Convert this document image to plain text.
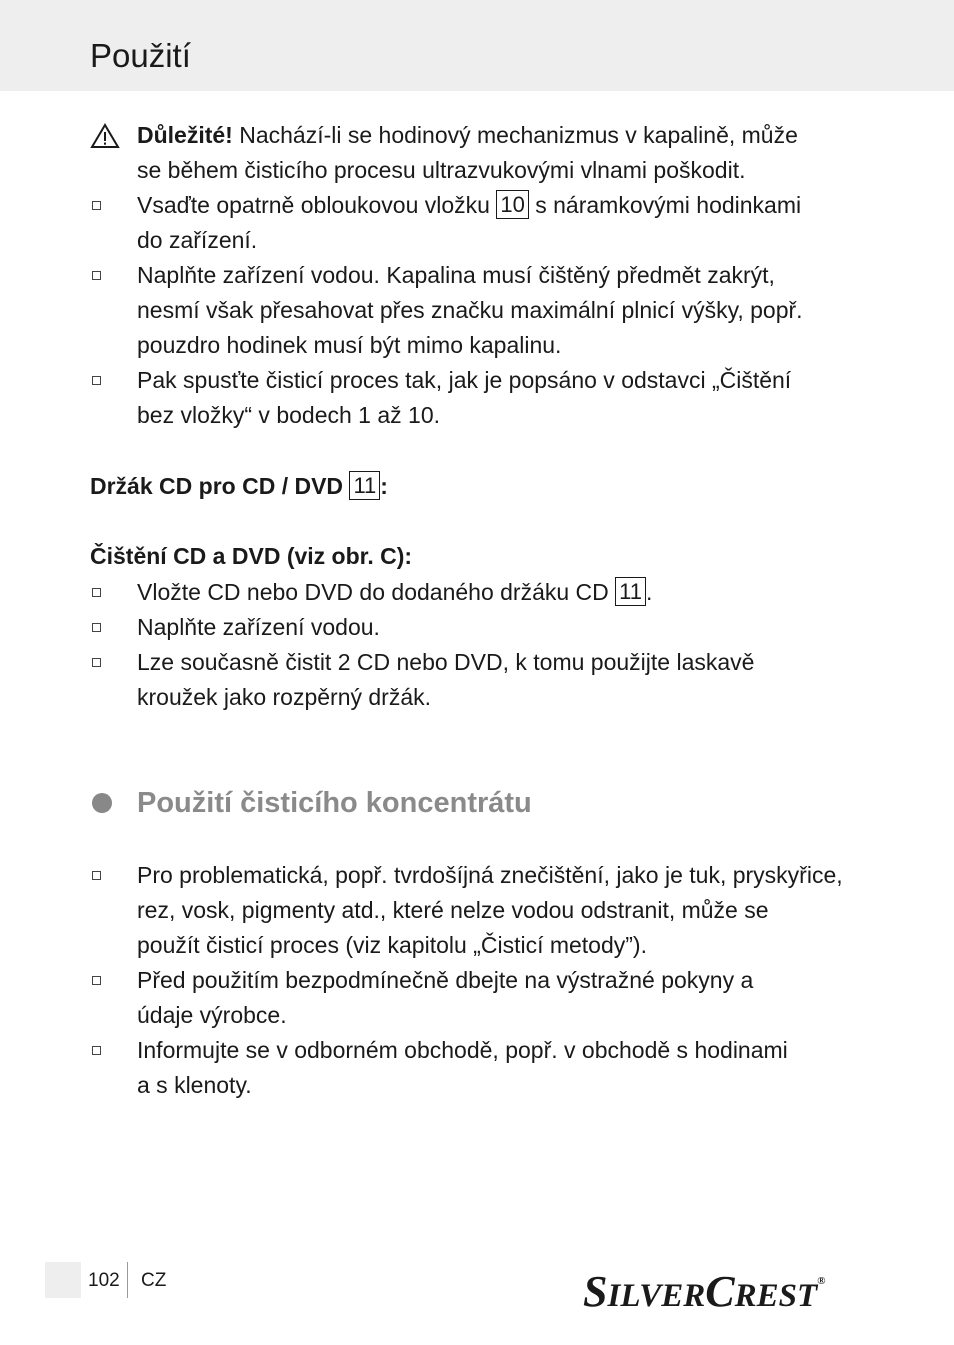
Použití
Důležité! Nachází-li se hodinový mechanizmus v kapalině, může
se během čisticího procesu ultrazvukovými vlnami poškodit.
Vsaďte opatrně obloukovou vložku 10 s náramkovými hodinkami
do zařízení.
Naplňte zařízení vodou. Kapalina musí čištěný předmět zakrýt,
nesmí však přesahovat přes značku maximální plnicí výšky, popř.
pouzdro hodinek musí být mimo kapalinu.
Pak spusťte čisticí proces tak, jak je popsáno v odstavci „Čištění
bez vložky“ v bodech 1 až 10.
Držák CD pro CD / DVD 11 :
Čištění CD a DVD (viz obr. C):
Vložte CD nebo DVD do dodaného držáku CD 11 .
Naplňte zařízení vodou.
Lze současně čistit 2 CD nebo DVD, k tomu použijte laskavě
kroužek jako rozpěrný držák.
Použití čisticího koncentrátu
Pro problematická, popř. tvrdošíjná znečištění, jako je tuk, pryskyřice,
rez, vosk, pigmenty atd., které nelze vodou odstranit, může se
použít čisticí proces (viz kapitolu „Čisticí metody”).
Před použitím bezpodmínečně dbejte na výstražné pokyny a
údaje výrobce.
Informujte se v odborném obchodě, popř. v obchodě s hodinami
a s klenoty.
102 CZ	SILVERCREST®
